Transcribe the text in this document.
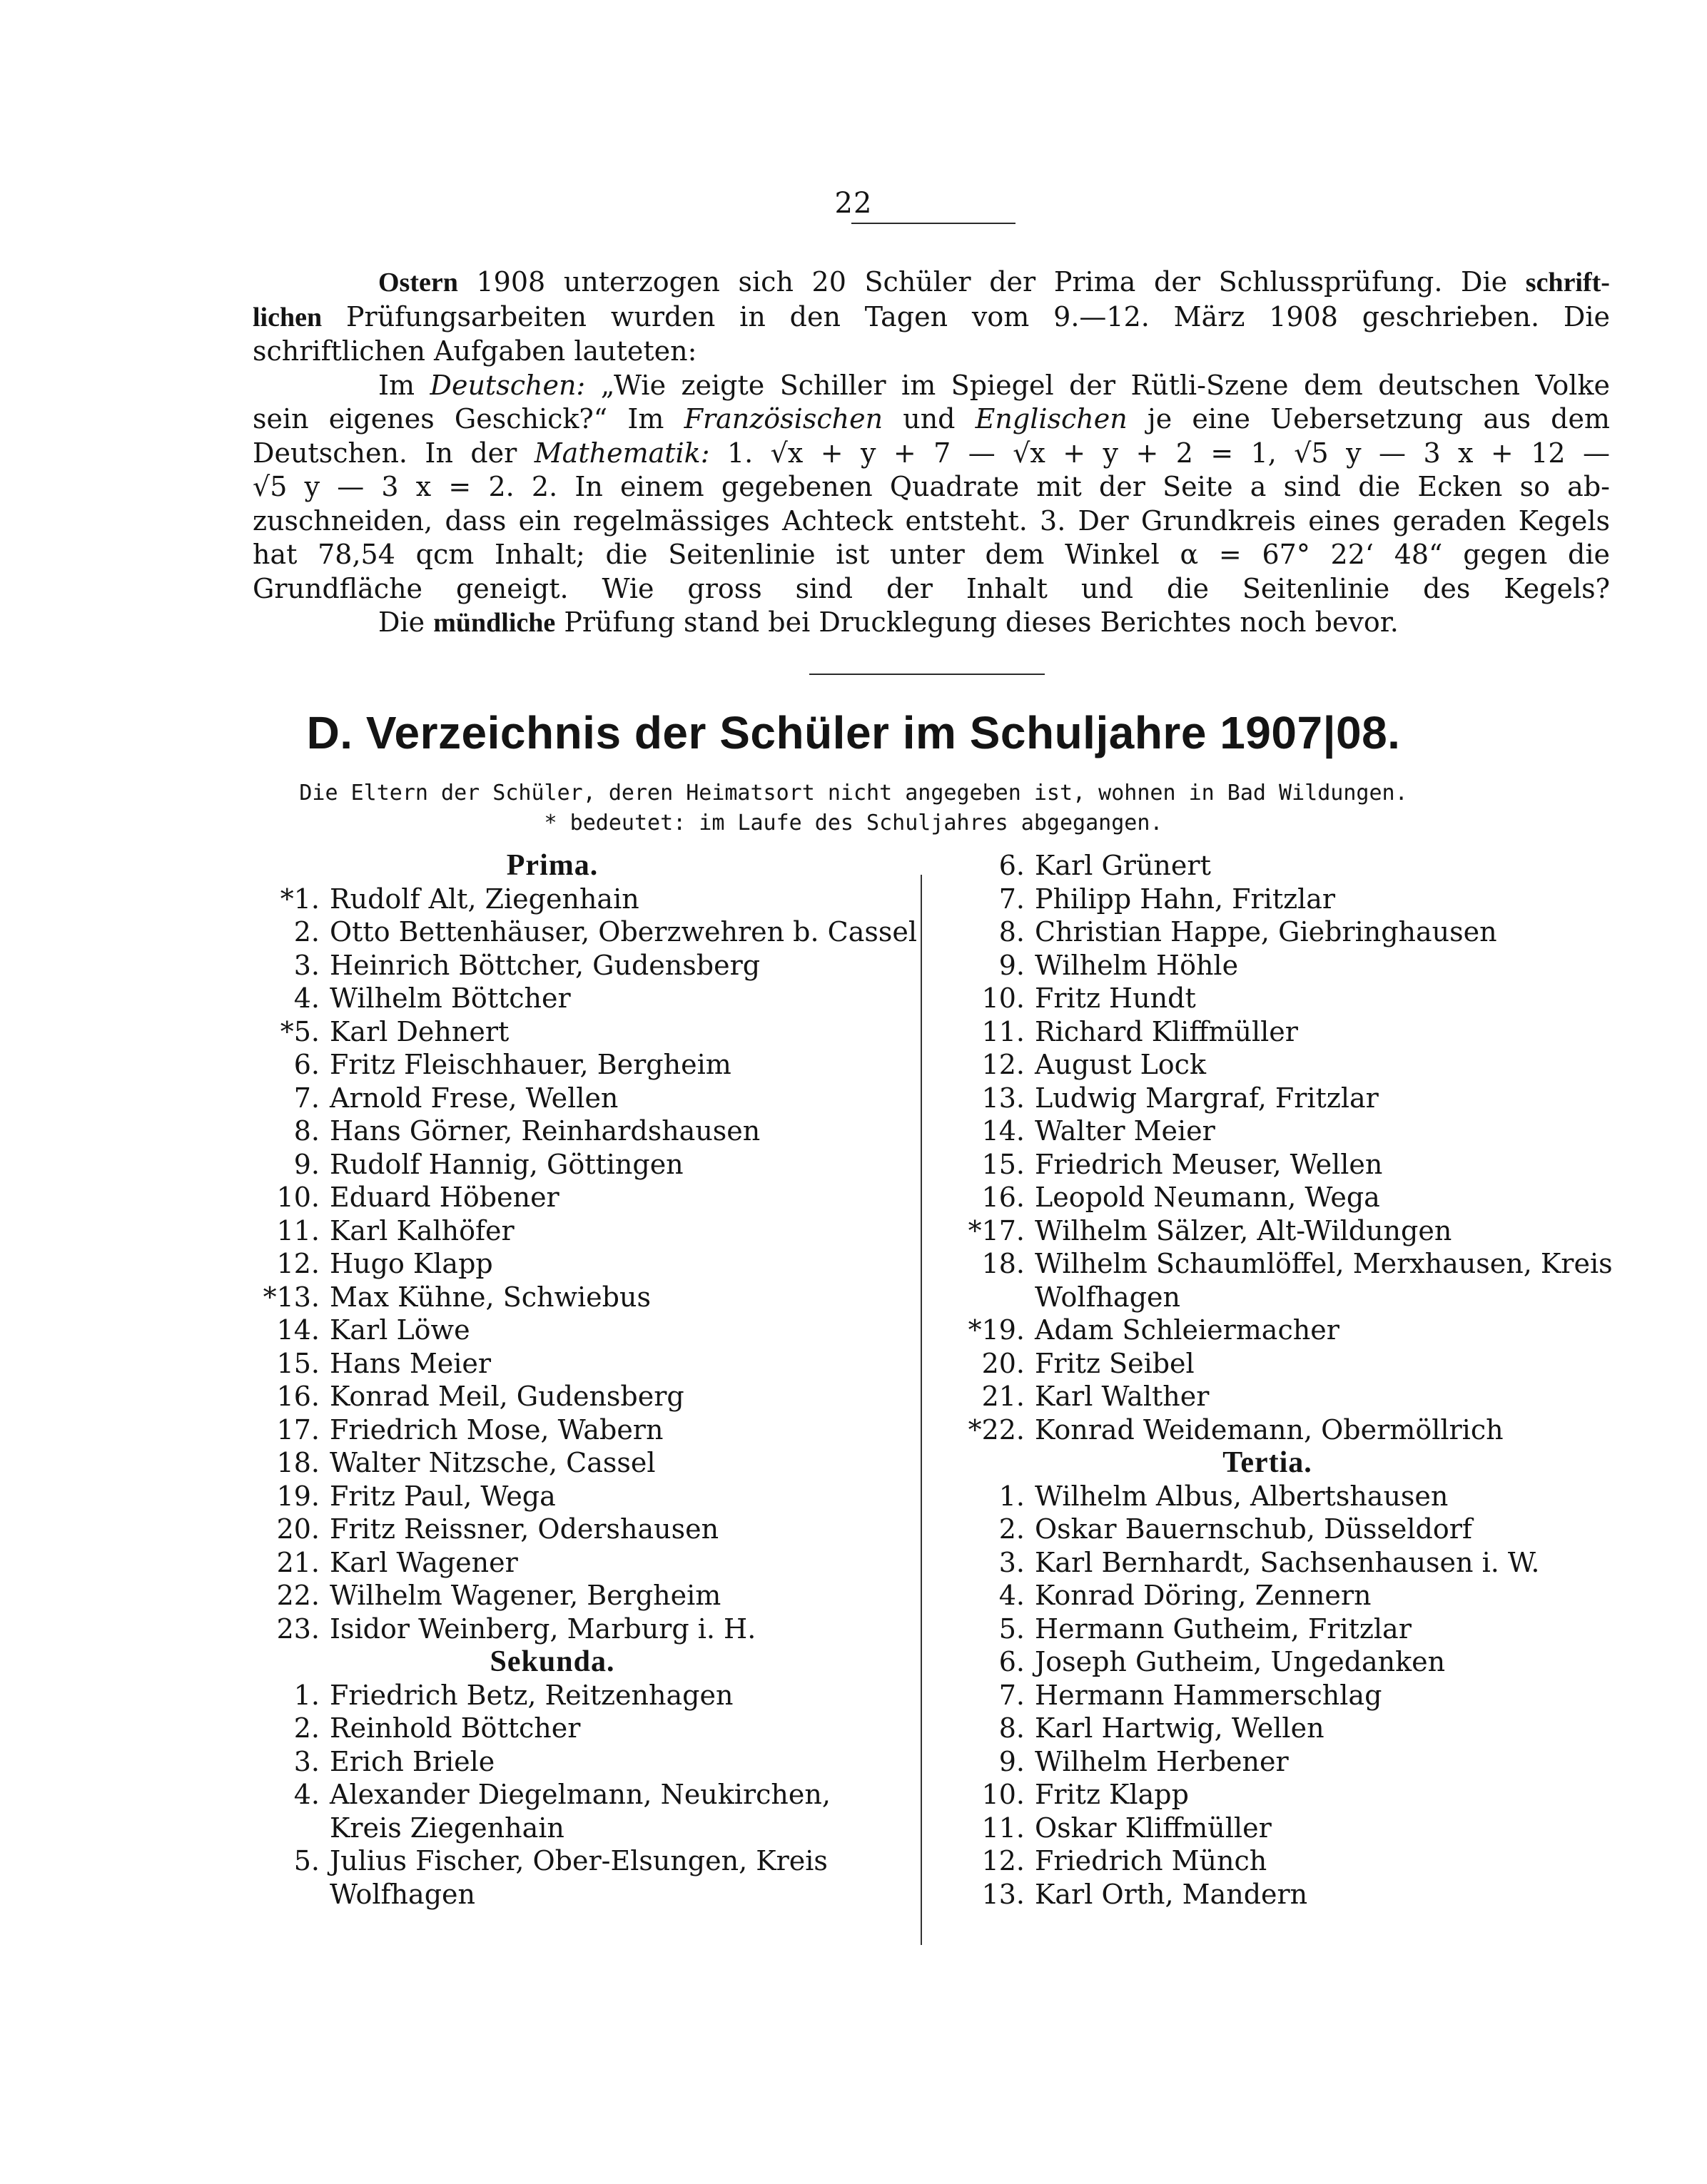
22

Ostern 1908 unterzogen sich 20 Schüler der Prima der Schlussprüfung. Die schrift-

lichen Prüfungsarbeiten wurden in den Tagen vom 9.—12. März 1908 geschrieben. Die

schriftlichen Aufgaben lauteten:

Im Deutschen: „Wie zeigte Schiller im Spiegel der Rütli-Szene dem deutschen Volke

sein eigenes Geschick?“ Im Französischen und Englischen je eine Uebersetzung aus dem

Deutschen. In der Mathematik: 1. √x + y + 7 — √x + y + 2 = 1, √5 y — 3 x + 12 —

√5 y — 3 x = 2. 2. In einem gegebenen Quadrate mit der Seite a sind die Ecken so ab-

zuschneiden, dass ein regelmässiges Achteck entsteht. 3. Der Grundkreis eines geraden Kegels

hat 78,54 qcm Inhalt; die Seitenlinie ist unter dem Winkel α = 67° 22‘ 48“ gegen die

Grundfläche geneigt. Wie gross sind der Inhalt und die Seitenlinie des Kegels?

Die mündliche Prüfung stand bei Drucklegung dieses Berichtes noch bevor.

D. Verzeichnis der Schüler im Schuljahre 1907|08.
Die Eltern der Schüler, deren Heimatsort nicht angegeben ist, wohnen in Bad Wildungen.
* bedeutet: im Laufe des Schuljahres abgegangen.
Prima.
*1. Rudolf Alt, Ziegenhain
2. Otto Bettenhäuser, Oberzwehren b. Cassel
3. Heinrich Böttcher, Gudensberg
4. Wilhelm Böttcher
*5. Karl Dehnert
6. Fritz Fleischhauer, Bergheim
7. Arnold Frese, Wellen
8. Hans Görner, Reinhardshausen
9. Rudolf Hannig, Göttingen
10. Eduard Höbener
11. Karl Kalhöfer
12. Hugo Klapp
*13. Max Kühne, Schwiebus
14. Karl Löwe
15. Hans Meier
16. Konrad Meil, Gudensberg
17. Friedrich Mose, Wabern
18. Walter Nitzsche, Cassel
19. Fritz Paul, Wega
20. Fritz Reissner, Odershausen
21. Karl Wagener
22. Wilhelm Wagener, Bergheim
23. Isidor Weinberg, Marburg i. H.
Sekunda.
1. Friedrich Betz, Reitzenhagen
2. Reinhold Böttcher
3. Erich Briele
4. Alexander Diegelmann, Neukirchen,
Kreis Ziegenhain
5. Julius Fischer, Ober-Elsungen, Kreis
Wolfhagen
6. Karl Grünert
7. Philipp Hahn, Fritzlar
8. Christian Happe, Giebringhausen
9. Wilhelm Höhle
10. Fritz Hundt
11. Richard Kliffmüller
12. August Lock
13. Ludwig Margraf, Fritzlar
14. Walter Meier
15. Friedrich Meuser, Wellen
16. Leopold Neumann, Wega
*17. Wilhelm Sälzer, Alt-Wildungen
18. Wilhelm Schaumlöffel, Merxhausen, Kreis
Wolfhagen
*19. Adam Schleiermacher
20. Fritz Seibel
21. Karl Walther
*22. Konrad Weidemann, Obermöllrich
Tertia.
1. Wilhelm Albus, Albertshausen
2. Oskar Bauernschub, Düsseldorf
3. Karl Bernhardt, Sachsenhausen i. W.
4. Konrad Döring, Zennern
5. Hermann Gutheim, Fritzlar
6. Joseph Gutheim, Ungedanken
7. Hermann Hammerschlag
8. Karl Hartwig, Wellen
9. Wilhelm Herbener
10. Fritz Klapp
11. Oskar Kliffmüller
12. Friedrich Münch
13. Karl Orth, Mandern
